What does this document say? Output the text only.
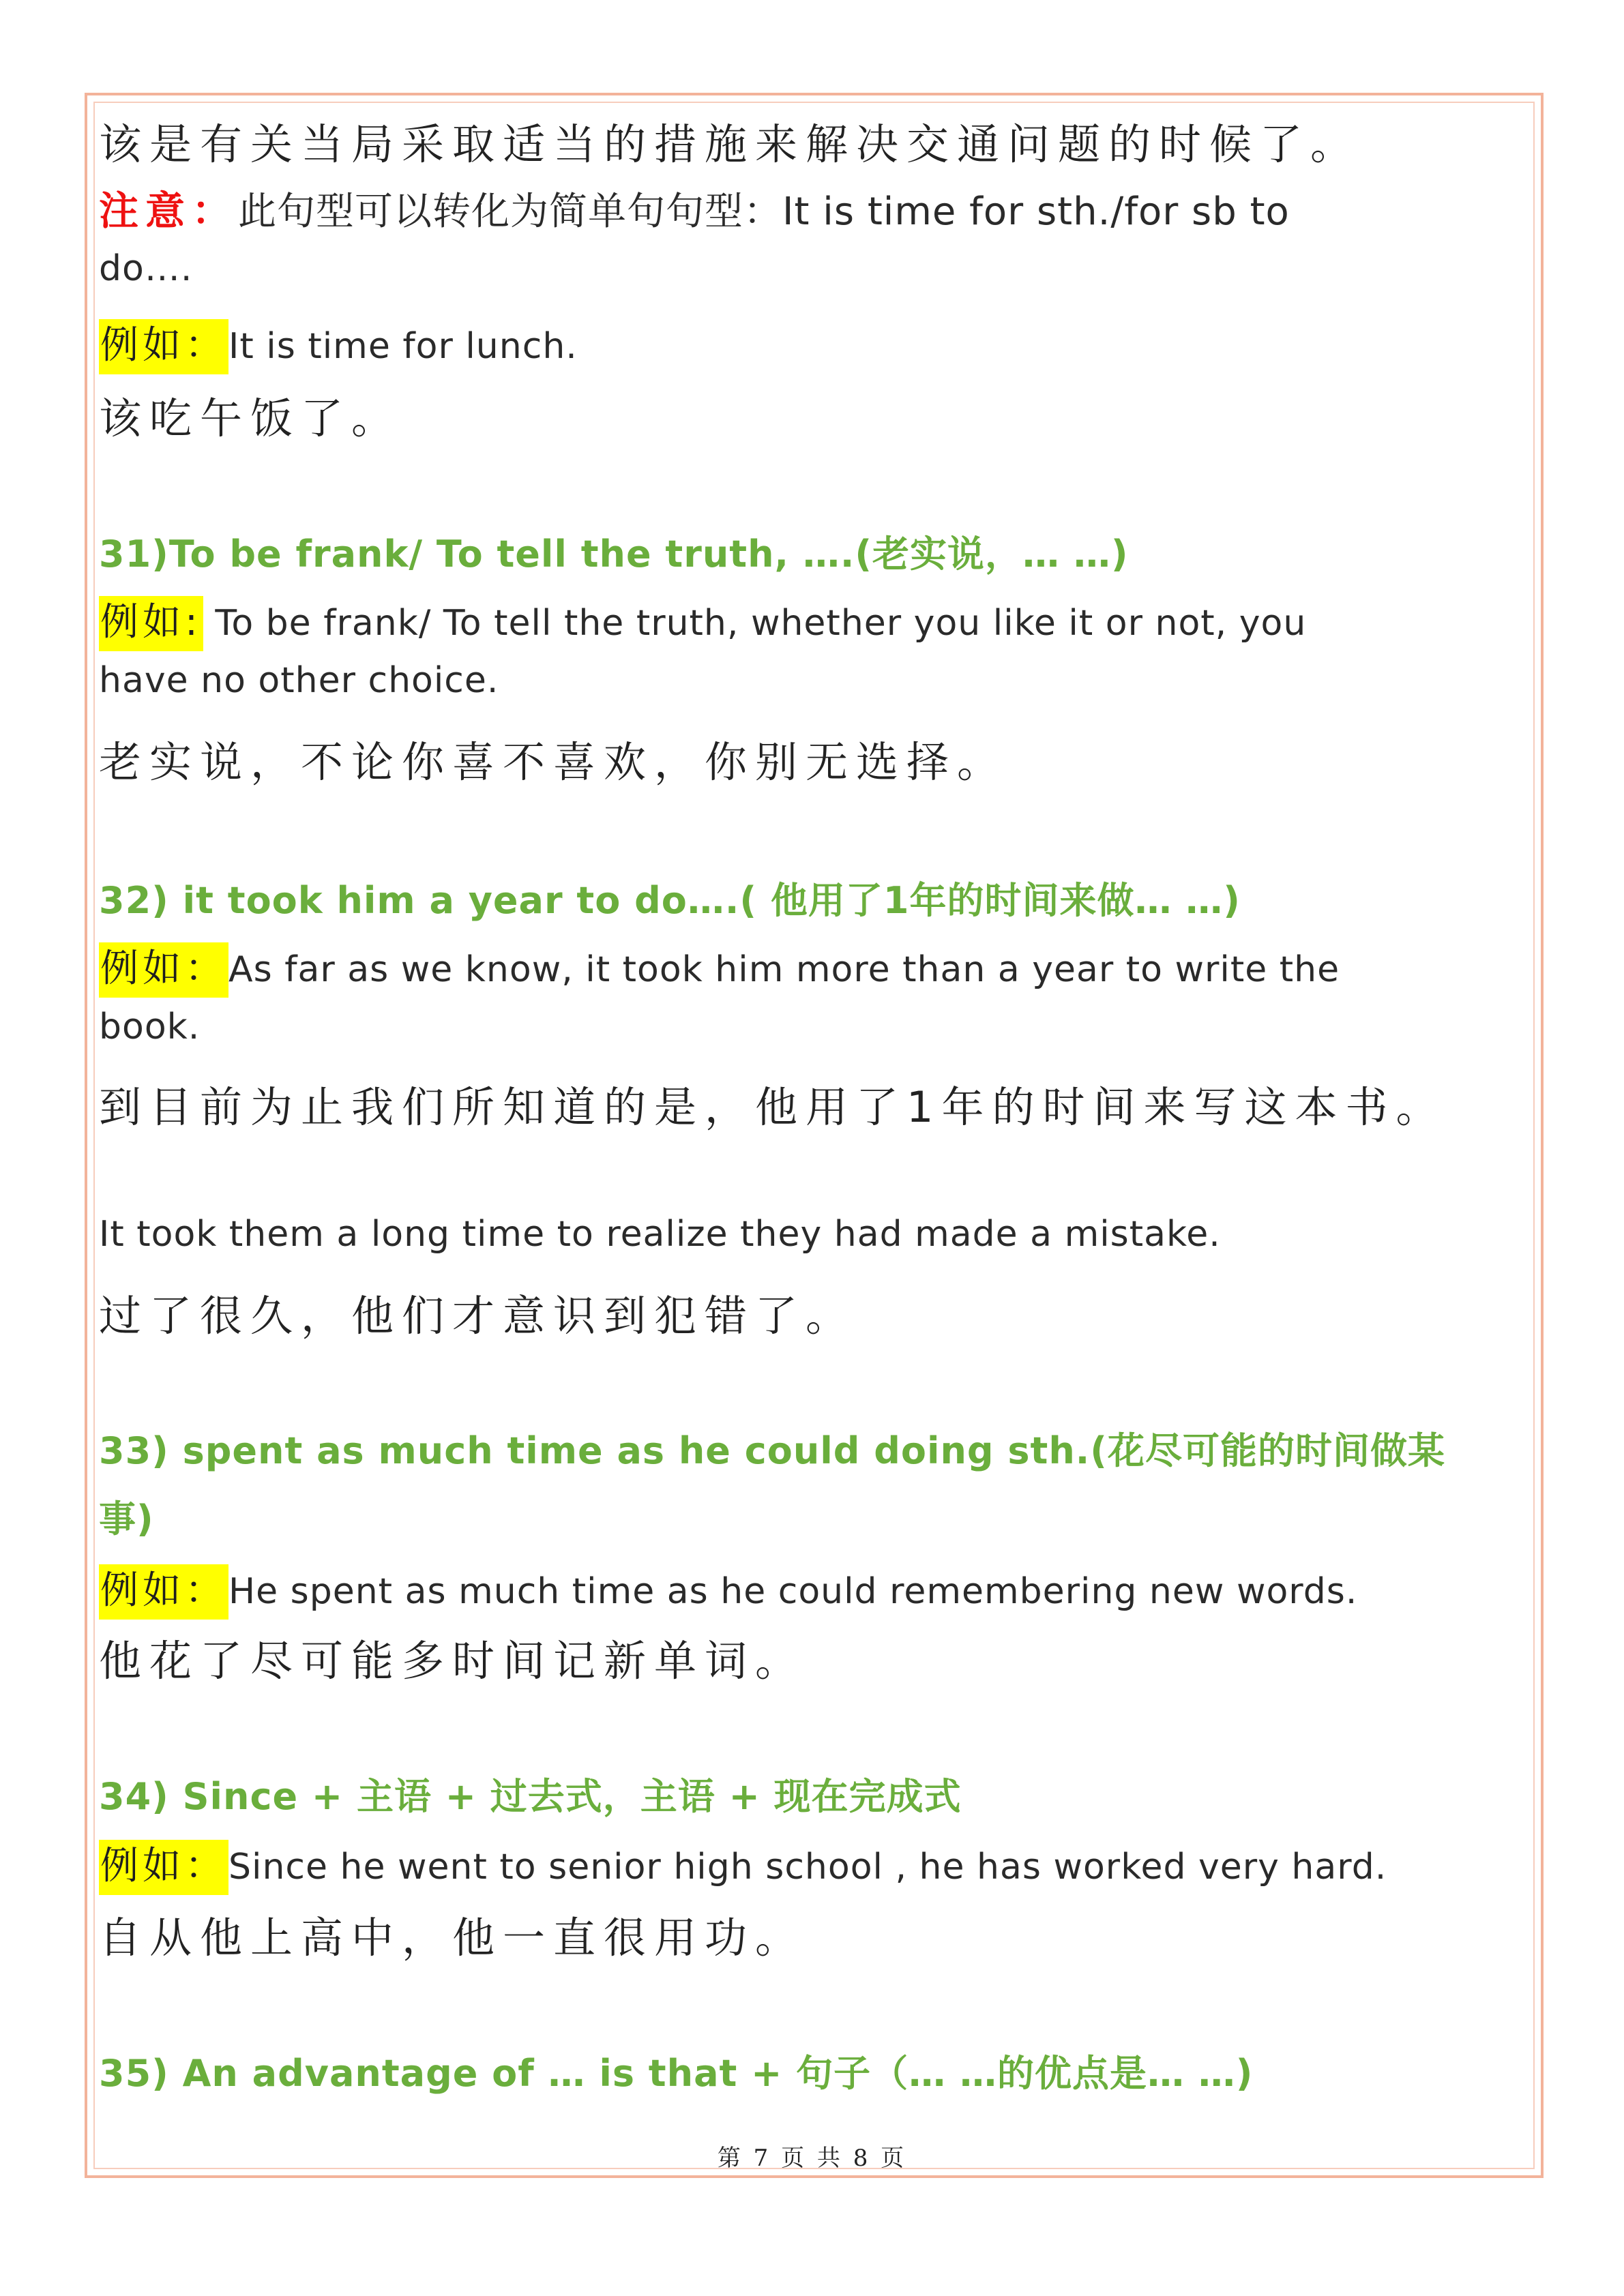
该是有关当局采取适当的措施来解决交通问题的时候了。
注意：此句型可以转化为简单句句型：It is time for sth./for sb to
do….
例如：It is time for lunch.
该吃午饭了。
31)To be frank/ To tell the truth, ….(老实说，… …)
例如: To be frank/ To tell the truth, whether you like it or not, you
have no other choice.
老实说，不论你喜不喜欢，你别无选择。
32) it took him a year to do….( 他用了1年的时间来做… …)
例如：As far as we know, it took him more than a year to write the
book.
到目前为止我们所知道的是，他用了1年的时间来写这本书。
It took them a long time to realize they had made a mistake.
过了很久，他们才意识到犯错了。
33) spent as much time as he could doing sth.(花尽可能的时间做某
事)
例如：He spent as much time as he could remembering new words.
他花了尽可能多时间记新单词。
34) Since + 主语 + 过去式，主语 + 现在完成式
例如：Since he went to senior high school , he has worked very hard.
自从他上高中，他一直很用功。
35) An advantage of … is that + 句子（… …的优点是… …)
第 7 页 共 8 页
